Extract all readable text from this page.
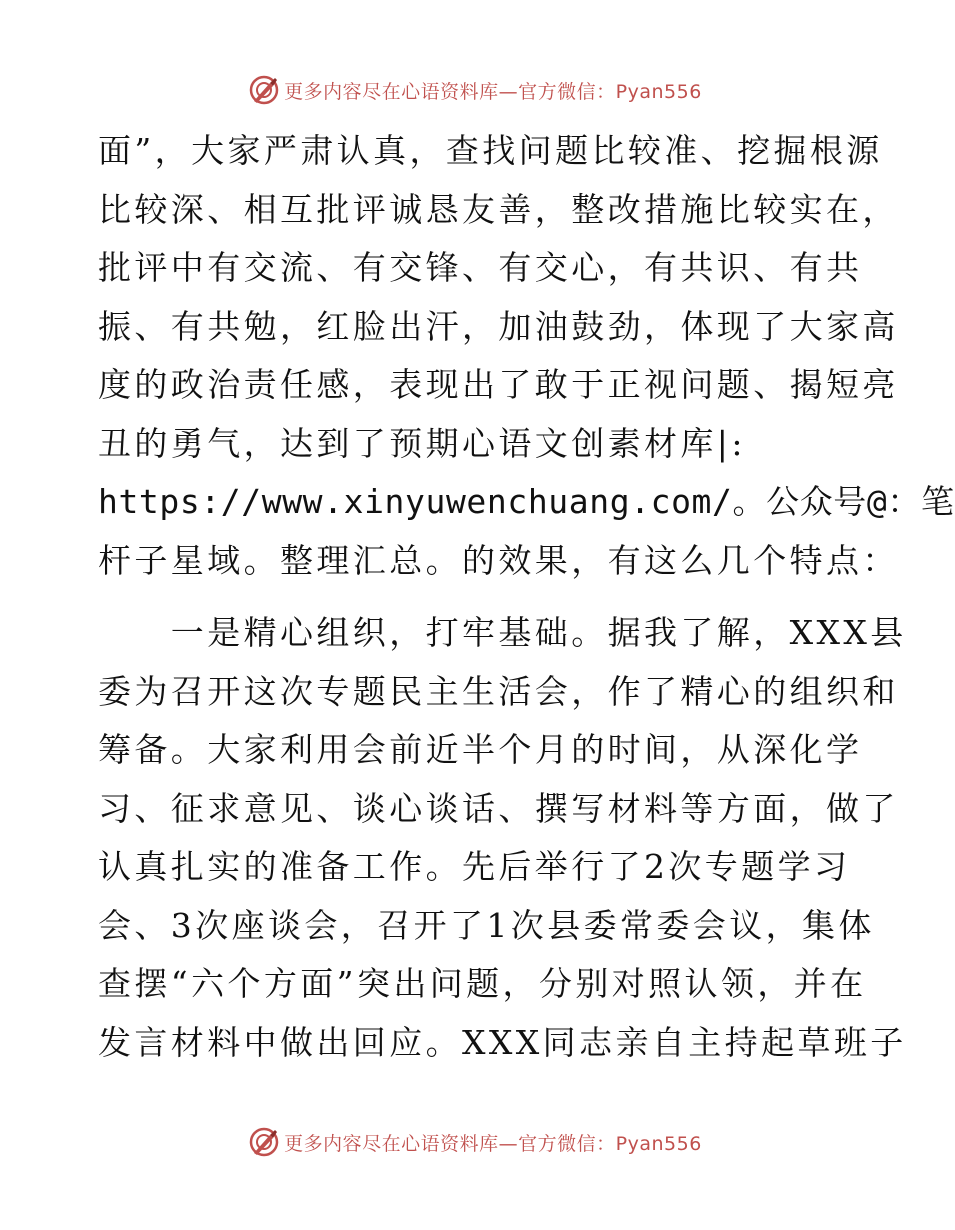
更多内容尽在心语资料库—官方微信：Pyan556
面”，大家严肃认真，查找问题比较准、挖掘根源
比较深、相互批评诚恳友善，整改措施比较实在，
批评中有交流、有交锋、有交心，有共识、有共
振、有共勉，红脸出汗，加油鼓劲，体现了大家高
度的政治责任感，表现出了敢于正视问题、揭短亮
丑的勇气，达到了预期心语文创素材库|:
https://www.xinyuwenchuang.com/。公众号@：笔
杆子星域。整理汇总。的效果，有这么几个特点：
　　一是精心组织，打牢基础。据我了解，XXX县
委为召开这次专题民主生活会，作了精心的组织和
筹备。大家利用会前近半个月的时间，从深化学
习、征求意见、谈心谈话、撰写材料等方面，做了
认真扎实的准备工作。先后举行了2次专题学习
会、3次座谈会，召开了1次县委常委会议，集体
查摆“六个方面”突出问题，分别对照认领，并在
发言材料中做出回应。XXX同志亲自主持起草班子
更多内容尽在心语资料库—官方微信：Pyan556
